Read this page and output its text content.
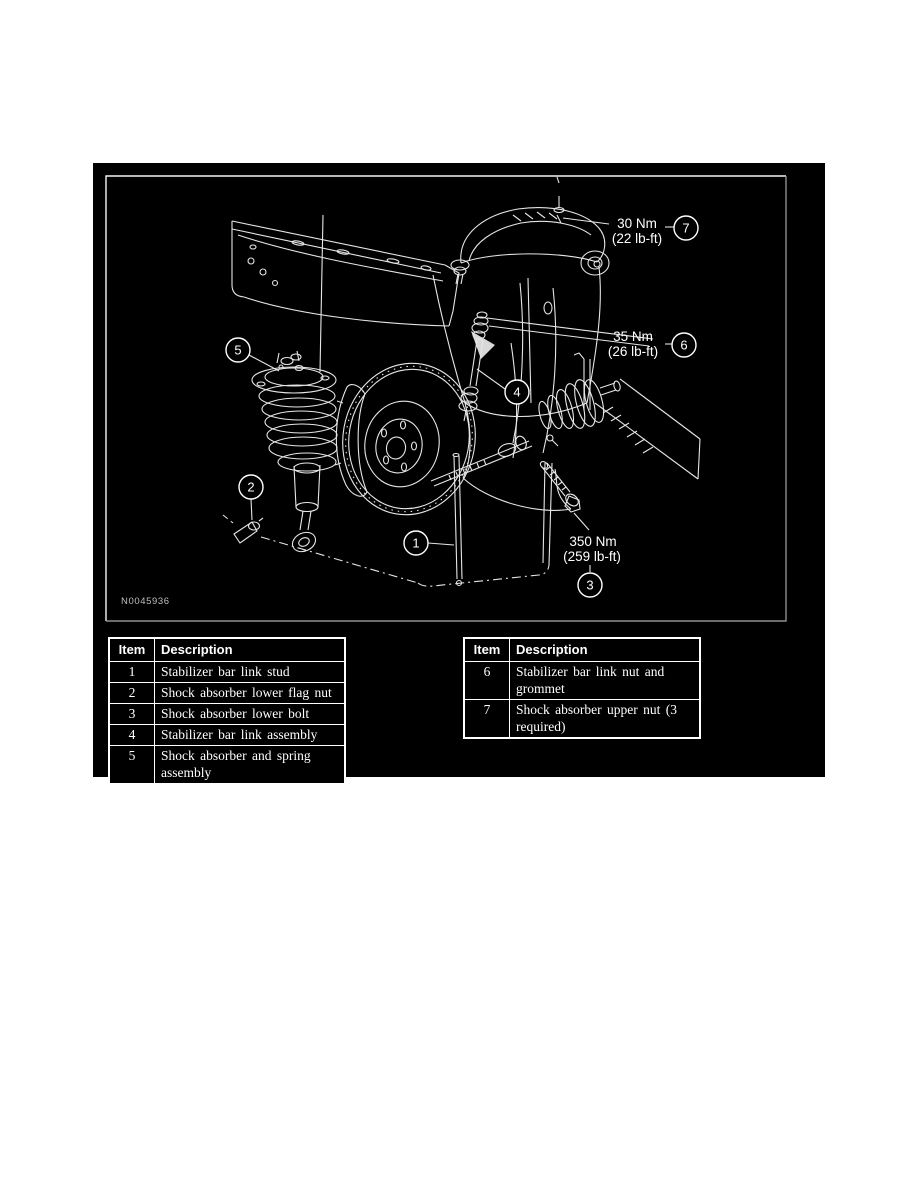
30 Nm
(22 lb-ft)
35 Nm
(26 lb-ft)
350 Nm
(259 lb-ft)
1
2
3
4
5	6
7
N0045936
Item	Description
1	Stabilizer bar link stud
2	Shock absorber lower flag nut
3	Shock absorber lower bolt
4	Stabilizer bar link assembly
5	Shock absorber and spring assembly
Item	Description
6	Stabilizer bar link nut and grommet
7	Shock absorber upper nut (3 required)
